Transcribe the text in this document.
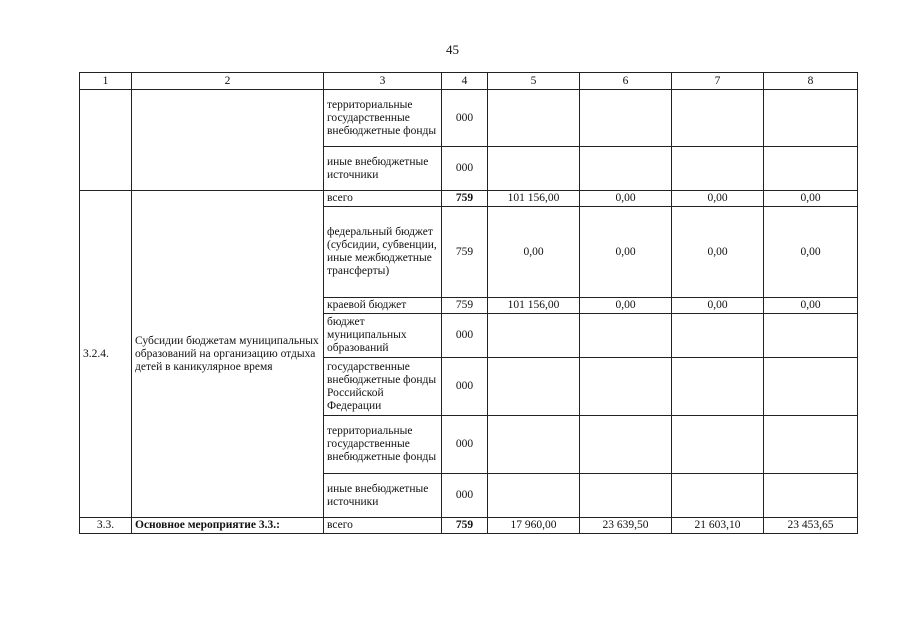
45
1	2	3	4	5	6	7	8
		территориальные государственные внебюджетные фонды	000				
		иные внебюджетные источники	000				
3.2.4.	Субсидии бюджетам муниципальных образований на организацию отдыха детей в каникулярное время	всего	759	101 156,00	0,00	0,00	0,00
		федеральный бюджет (субсидии, субвенции, иные межбюджетные трансферты)	759	0,00	0,00	0,00	0,00
		краевой бюджет	759	101 156,00	0,00	0,00	0,00
		бюджет муниципальных образований	000				
		государственные внебюджетные фонды Российской Федерации	000				
		территориальные государственные внебюджетные фонды	000				
		иные внебюджетные источники	000				
3.3.	Основное мероприятие 3.3.:	всего	759	17 960,00	23 639,50	21 603,10	23 453,65
